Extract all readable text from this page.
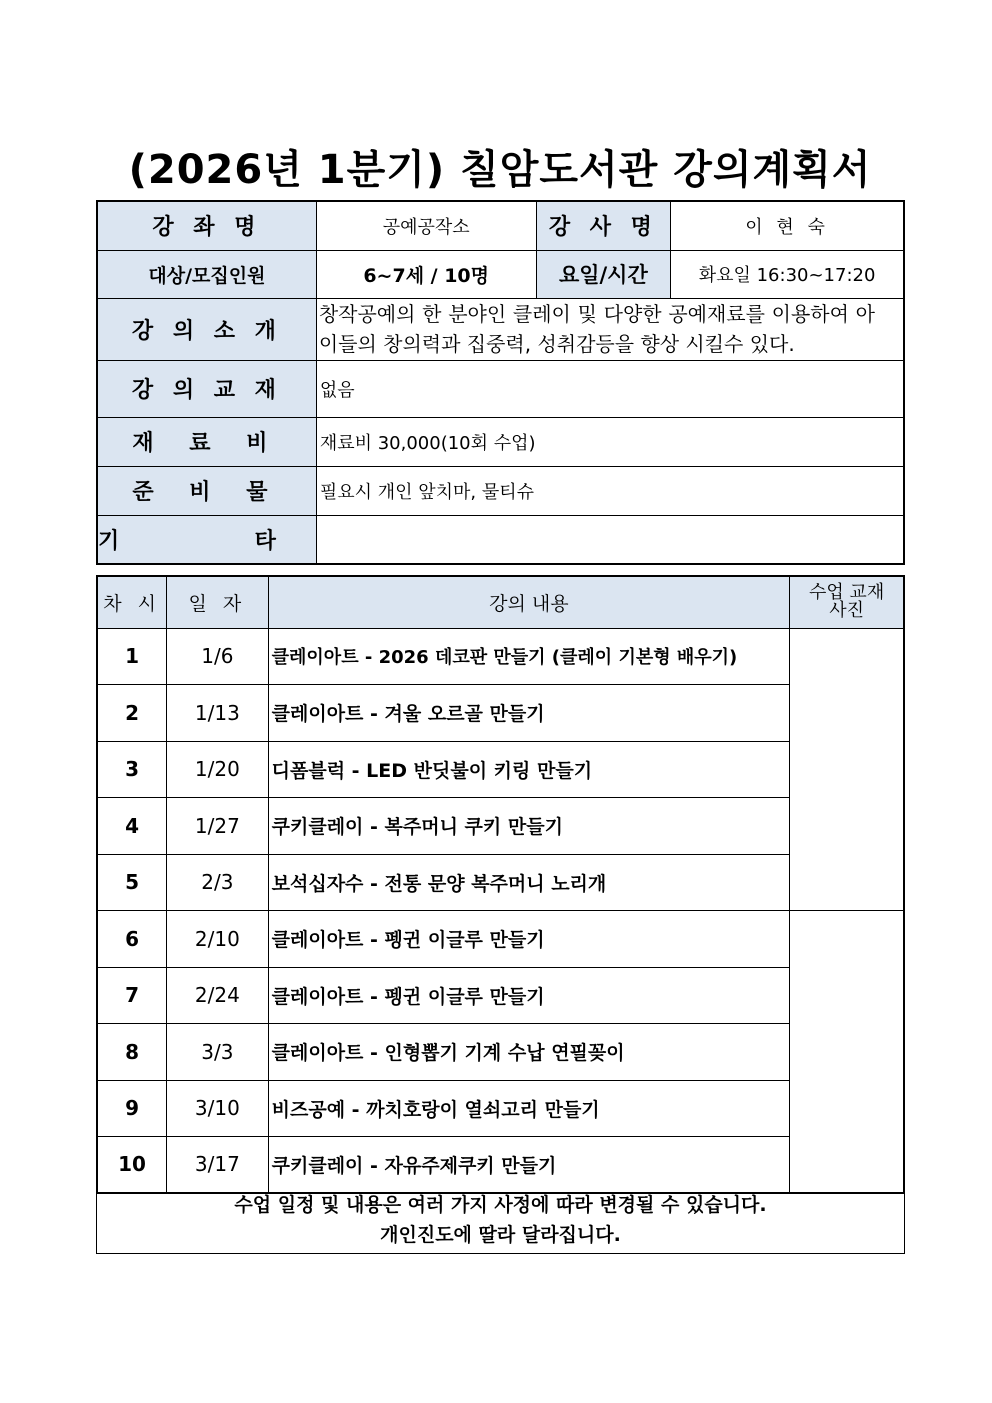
(2026년 1분기) 칠암도서관 강의계획서
강 좌 명	공예공작소	강 사 명	이 현 숙
대상/모집인원	6~7세 / 10명	요일/시간	화요일 16:30~17:20
강 의 소 개	창작공예의 한 분야인 클레이 및 다양한 공예재료를 이용하여 아이들의 창의력과 집중력, 성취감등을 향상 시킬수 있다.		
강 의 교 재	없음		
재 료 비	재료비 30,000(10회 수업)		
준 비 물	필요시 개인 앞치마, 물티슈		
기  타			
차 시	일 자	강의 내용	수업 교재 사진
1	1/6	클레이아트 - 2026 데코판 만들기 (클레이 기본형 배우기)	
2	1/13	클레이아트 - 겨울 오르골 만들기	
3	1/20	디폼블럭 - LED 반딧불이 키링 만들기	
4	1/27	쿠키클레이 - 복주머니 쿠키 만들기	
5	2/3	보석십자수 - 전통 문양 복주머니 노리개	
6	2/10	클레이아트 - 펭귄 이글루 만들기	
7	2/24	클레이아트 - 펭귄 이글루 만들기	
8	3/3	클레이아트 - 인형뽑기 기계 수납 연필꽂이	
9	3/10	비즈공예 - 까치호랑이 열쇠고리 만들기	
10	3/17	쿠키클레이 - 자유주제쿠키 만들기	
수업 일정 및 내용은 여러 가지 사정에 따라 변경될 수 있습니다.
개인진도에 딸라 달라집니다.
